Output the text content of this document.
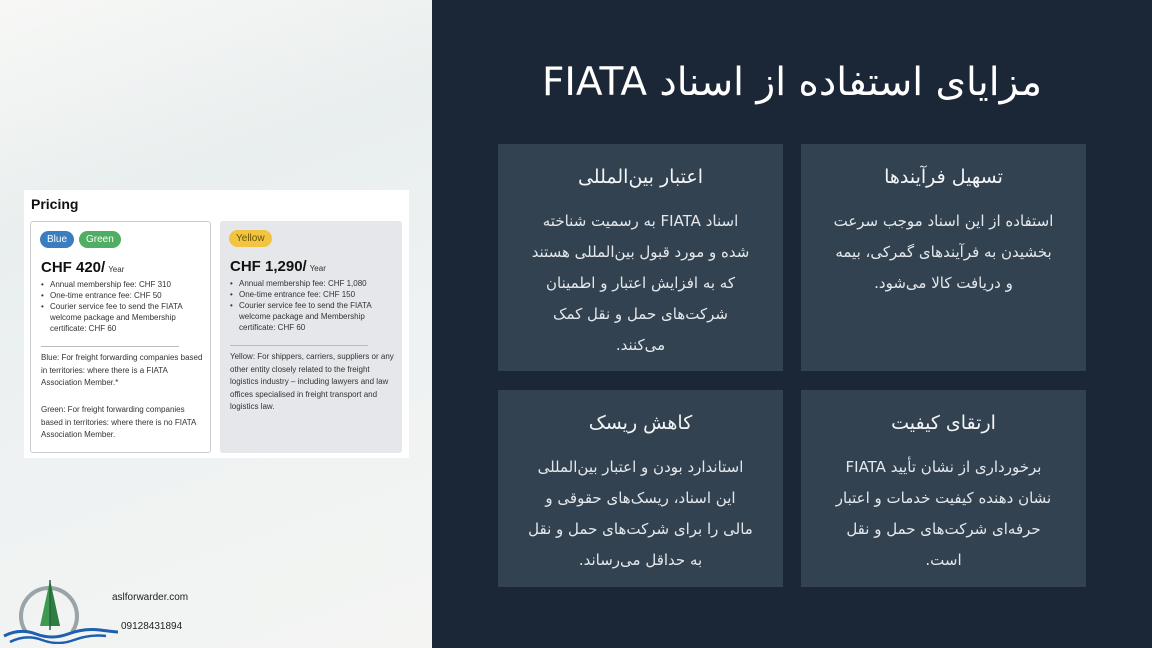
Pricing
Blue	Green
CHF 420/ Year
• Annual membership fee: CHF 310
• One-time entrance fee: CHF 50
• Courier service fee to send the FIATA welcome package and Membership certificate: CHF 60
Blue: For freight forwarding companies based in territories: where there is a FIATA Association Member.*
Green: For freight forwarding companies based in territories: where there is no FIATA Association Member.
Yellow
CHF 1,290/ Year
• Annual membership fee: CHF 1,080
• One-time entrance fee: CHF 150
• Courier service fee to send the FIATA welcome package and Membership certificate: CHF 60
Yellow: For shippers, carriers, suppliers or any other entity closely related to the freight logistics industry – including lawyers and law offices specialised in freight transport and logistics law.
aslforwarder.com
09128431894
مزایای استفاده از اسناد FIATA
تسهیل فرآیندها
استفاده از این اسناد موجب سرعت
بخشیدن به فرآیندهای گمرکی، بیمه
و دریافت کالا می‌شود.
اعتبار بین‌المللی
اسناد FIATA به رسمیت شناخته
شده و مورد قبول بین‌المللی هستند
که به افزایش اعتبار و اطمینان
شرکت‌های حمل و نقل کمک
می‌کنند.
ارتقای کیفیت
برخورداری از نشان تأیید FIATA
نشان دهنده کیفیت خدمات و اعتبار
حرفه‌ای شرکت‌های حمل و نقل
است.
کاهش ریسک
استاندارد بودن و اعتبار بین‌المللی
این اسناد، ریسک‌های حقوقی و
مالی را برای شرکت‌های حمل و نقل
به حداقل می‌رساند.
